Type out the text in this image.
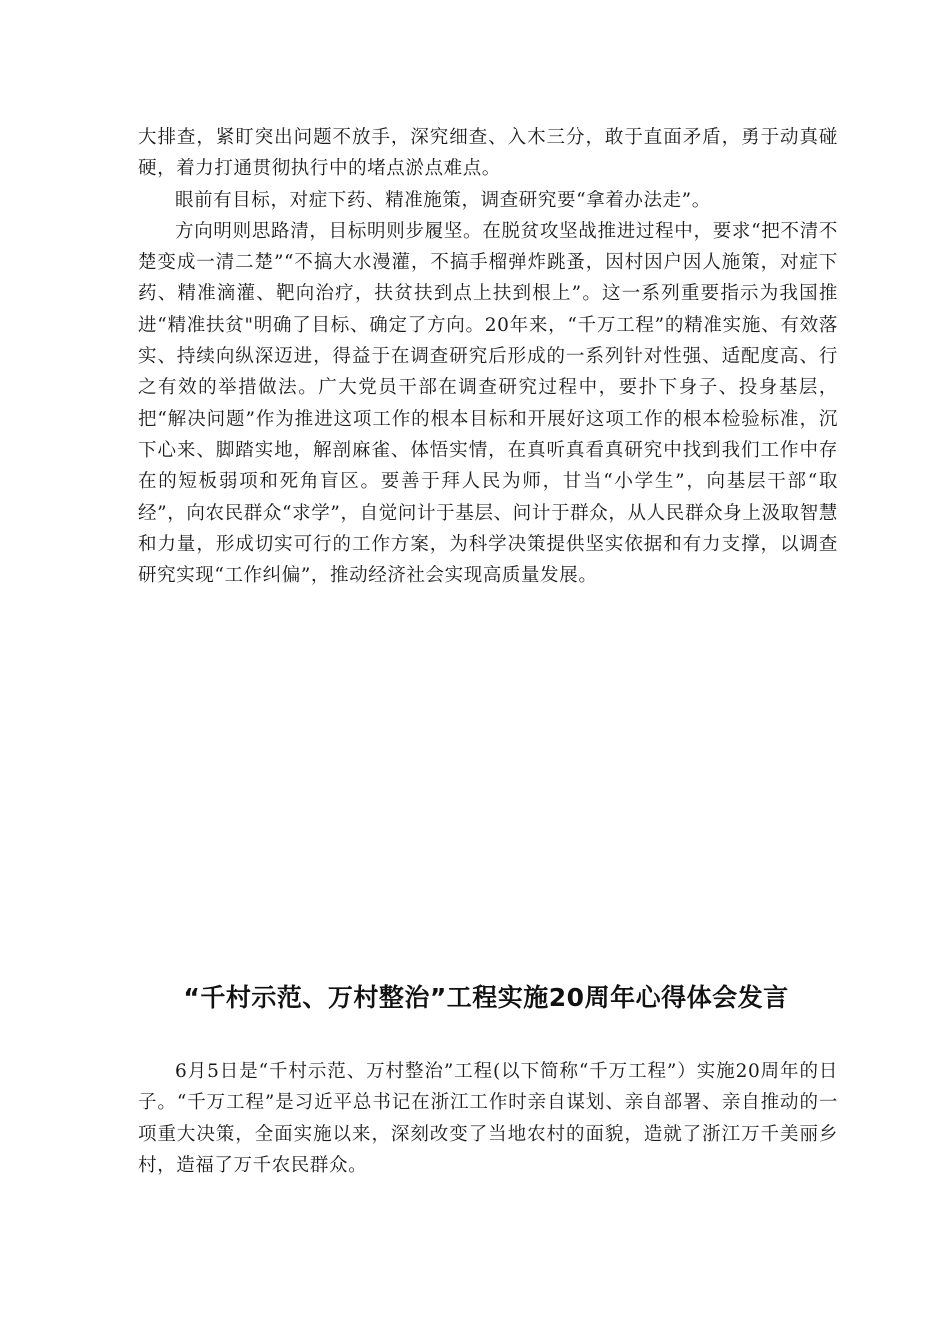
大排查，紧盯突出问题不放手，深究细查、入木三分，敢于直面矛盾，勇于动真碰硬，着力打通贯彻执行中的堵点淤点难点。

眼前有目标，对症下药、精准施策，调查研究要“拿着办法走”。

方向明则思路清，目标明则步履坚。在脱贫攻坚战推进过程中，要求“把不清不楚变成一清二楚”“不搞大水漫灌，不搞手榴弹炸跳蚤，因村因户因人施策，对症下药、精准滴灌、靶向治疗，扶贫扶到点上扶到根上”。这一系列重要指示为我国推进“精准扶贫"明确了目标、确定了方向。20年来，“千万工程”的精准实施、有效落实、持续向纵深迈进，得益于在调查研究后形成的一系列针对性强、适配度高、行之有效的举措做法。广大党员干部在调查研究过程中，要扑下身子、投身基层，把“解决问题”作为推进这项工作的根本目标和开展好这项工作的根本检验标准，沉下心来、脚踏实地，解剖麻雀、体悟实情，在真听真看真研究中找到我们工作中存在的短板弱项和死角盲区。要善于拜人民为师，甘当“小学生”，向基层干部“取经”，向农民群众“求学”，自觉问计于基层、问计于群众，从人民群众身上汲取智慧和力量，形成切实可行的工作方案，为科学决策提供坚实依据和有力支撑，以调查研究实现“工作纠偏”，推动经济社会实现高质量发展。

“千村示范、万村整治”工程实施20周年心得体会发言

6月5日是“千村示范、万村整治”工程(以下简称“千万工程”）实施20周年的日子。“千万工程”是习近平总书记在浙江工作时亲自谋划、亲自部署、亲自推动的一项重大决策，全面实施以来，深刻改变了当地农村的面貌，造就了浙江万千美丽乡村，造福了万千农民群众。
